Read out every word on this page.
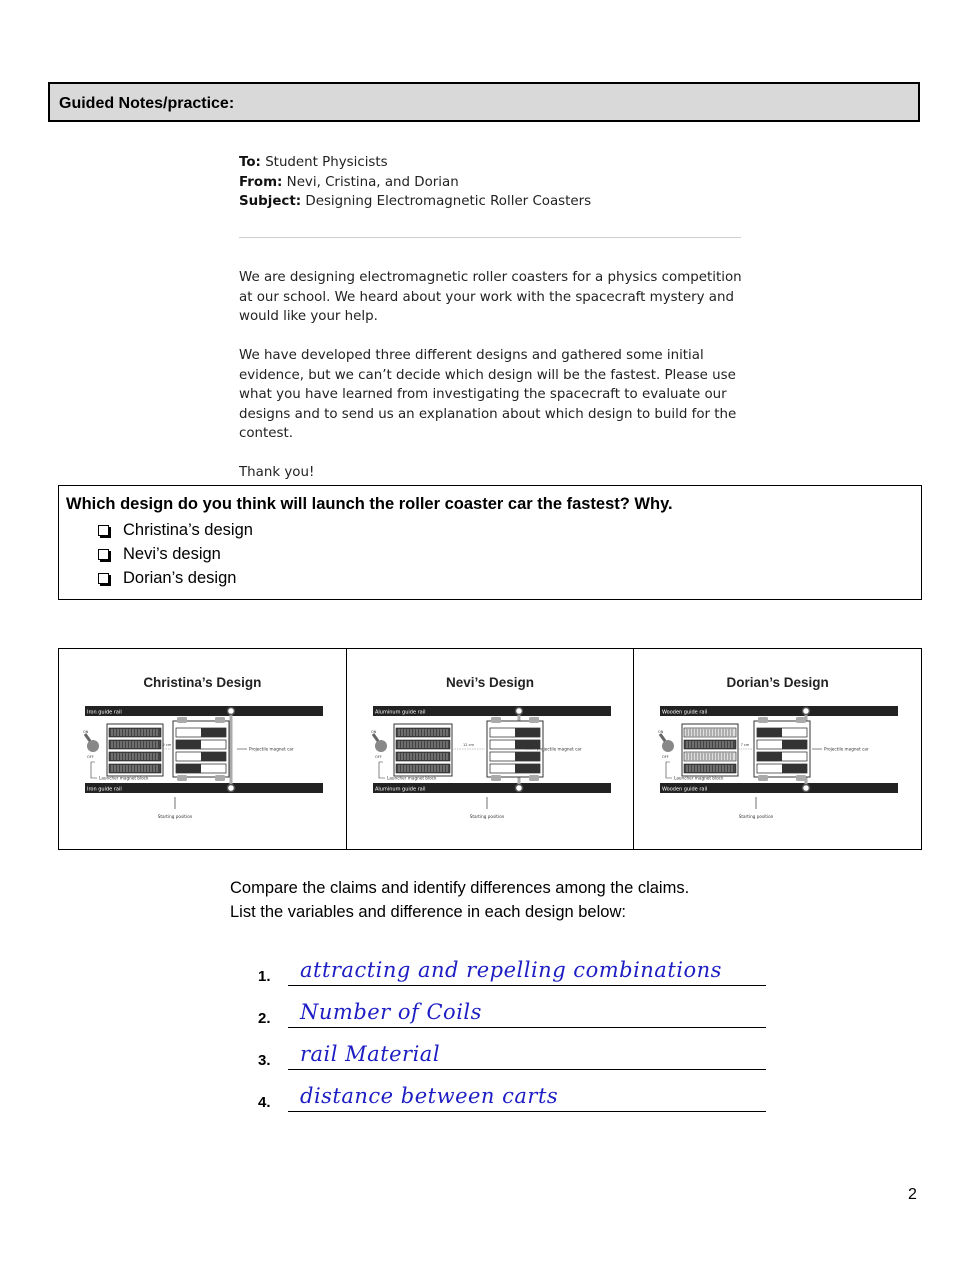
Guided Notes/practice:
To: Student Physicists
From: Nevi, Cristina, and Dorian
Subject: Designing Electromagnetic Roller Coasters

We are designing electromagnetic roller coasters for a physics competition at our school. We heard about your work with the spacecraft mystery and would like your help.

We have developed three different designs and gathered some initial evidence, but we can’t decide which design will be the fastest. Please use what you have learned from investigating the spacecraft to evaluate our designs and to send us an explanation about which design to build for the contest.

Thank you!

Which design do you think will launch the roller coaster car the fastest? Why.
Christina’s design
Nevi’s design
Dorian’s design
Christina’s Design
Iron guide rail
Iron guide rail
ON
OFF
2 cm
Projectile magnet car
Launcher magnet block
Starting position
Nevi’s Design
Aluminum guide rail
Aluminum guide rail
ON
OFF
12 cm
Projectile magnet car
Launcher magnet block
Starting position
Dorian’s Design
Wooden guide rail
Wooden guide rail
ON
OFF
7 cm
Projectile magnet car
Launcher magnet block
Starting position
Compare the claims and identify differences among the claims.
List the variables and difference in each design below:
1. attracting and repelling combinations
2. Number of Coils
3. rail Material
4. distance between carts
2
